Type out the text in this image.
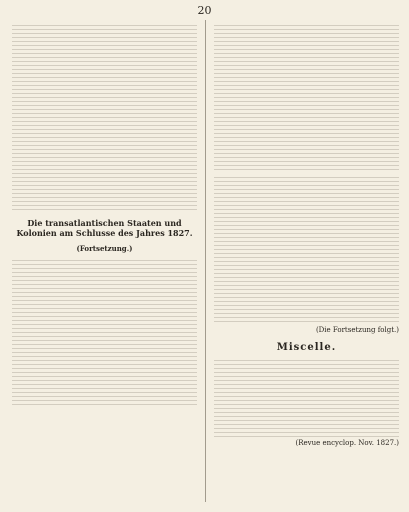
20
Die transatlantischen Staaten und Kolonien am Schlusse des Jahres 1827.
(Fortsetzung.)
(Die Fortsetzung folgt.)
Miscelle.
(Revue encyclop. Nov. 1827.)
